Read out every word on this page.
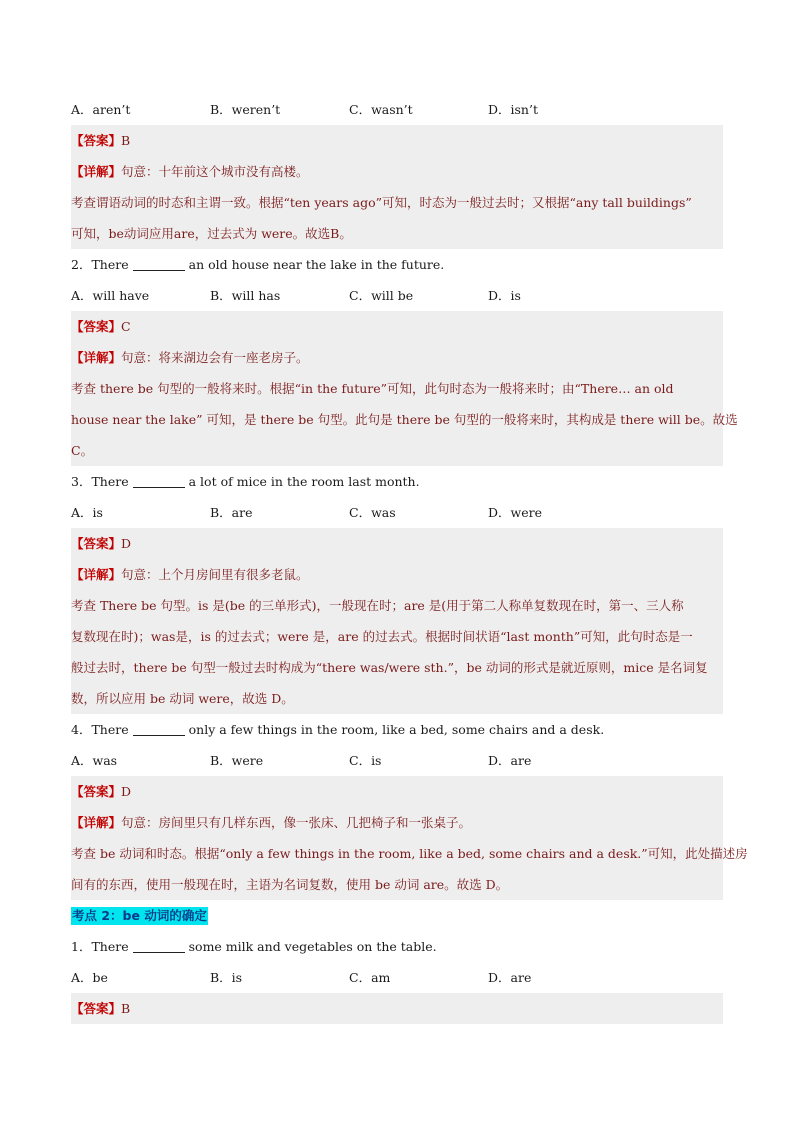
A．aren’t	B．weren’t	C．wasn’t	D．isn’t
【答案】B
【详解】句意：十年前这个城市没有高楼。
考查谓语动词的时态和主谓一致。根据“ten years ago”可知，时态为一般过去时；又根据“any tall buildings”
可知，be动词应用are，过去式为 were。故选B。
2．There	an old house near the lake in the future.
A．will have	B．will has	C．will be	D．is
【答案】C
【详解】句意：将来湖边会有一座老房子。
考查 there be 句型的一般将来时。根据“in the future”可知，此句时态为一般将来时；由“There… an old
house near the lake” 可知，是 there be 句型。此句是 there be 句型的一般将来时，其构成是 there will be。故选
C。
3．There	a lot of mice in the room last month.
A．is	B．are	C．was	D．were
【答案】D
【详解】句意：上个月房间里有很多老鼠。
考查 There be 句型。is 是(be 的三单形式)，一般现在时；are 是(用于第二人称单复数现在时，第一、三人称
复数现在时)；was是，is 的过去式；were 是，are 的过去式。根据时间状语“last month”可知，此句时态是一
般过去时，there be 句型一般过去时构成为“there was/were sth.”，be 动词的形式是就近原则，mice 是名词复
数，所以应用 be 动词 were，故选 D。
4．There	only a few things in the room, like a bed, some chairs and a desk.
A．was	B．were	C．is	D．are
【答案】D
【详解】句意：房间里只有几样东西，像一张床、几把椅子和一张桌子。
考查 be 动词和时态。根据“only a few things in the room, like a bed, some chairs and a desk.”可知，此处描述房
间有的东西，使用一般现在时，主语为名词复数，使用 be 动词 are。故选 D。
考点 2：be 动词的确定
1．There	some milk and vegetables on the table.
A．be	B．is	C．am	D．are
【答案】B
